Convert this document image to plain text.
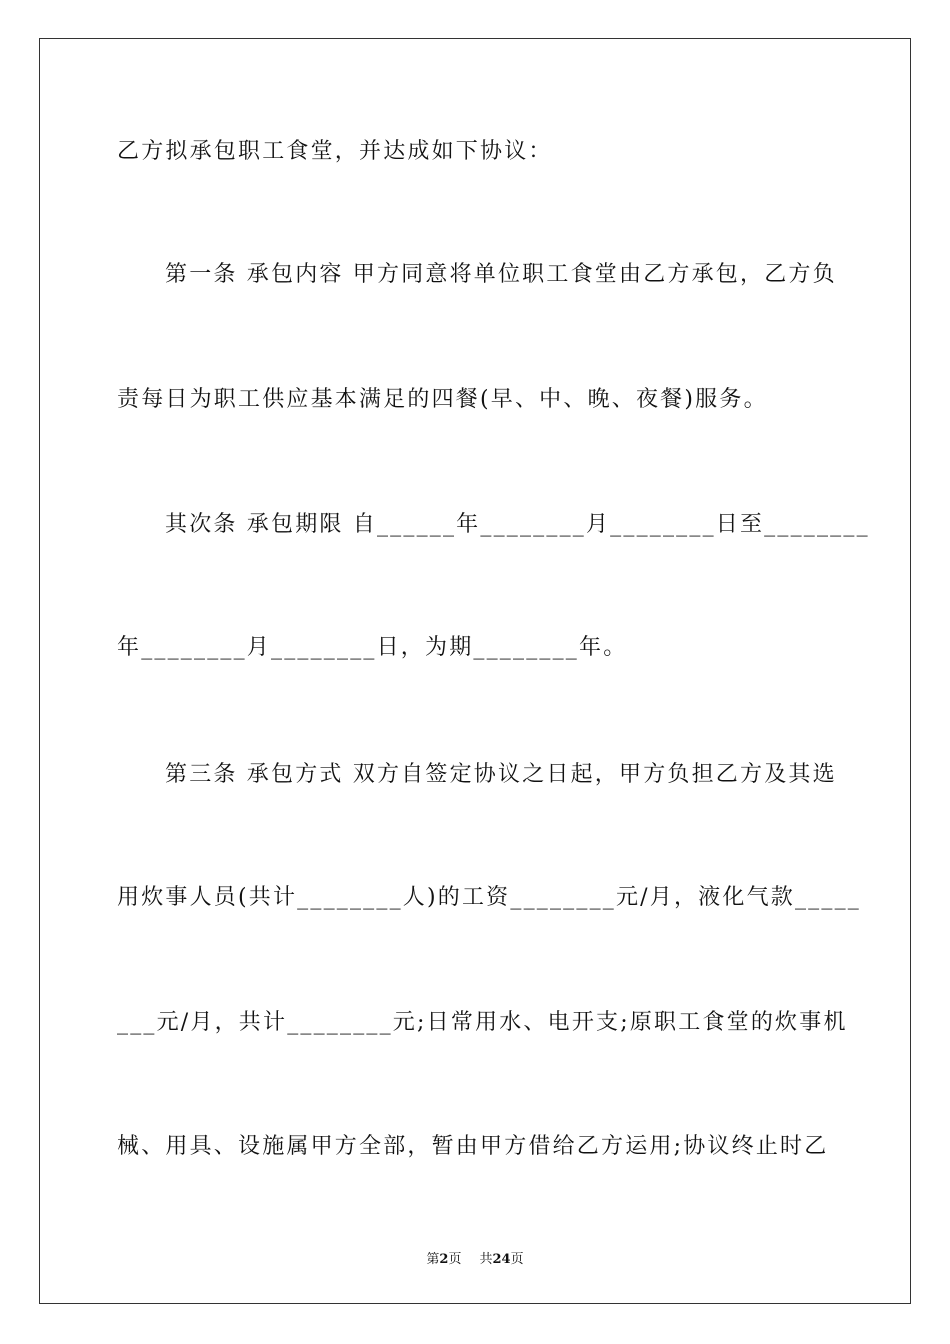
乙方拟承包职工食堂，并达成如下协议：
第一条 承包内容 甲方同意将单位职工食堂由乙方承包，乙方负
责每日为职工供应基本满足的四餐(早、中、晚、夜餐)服务。
其次条 承包期限 自______年________月________日至________
年________月________日，为期________年。
第三条 承包方式 双方自签定协议之日起，甲方负担乙方及其选
用炊事人员(共计________人)的工资________元/月，液化气款_____
___元/月，共计________元;日常用水、电开支;原职工食堂的炊事机
械、用具、设施属甲方全部，暂由甲方借给乙方运用;协议终止时乙
第2页 共24页
